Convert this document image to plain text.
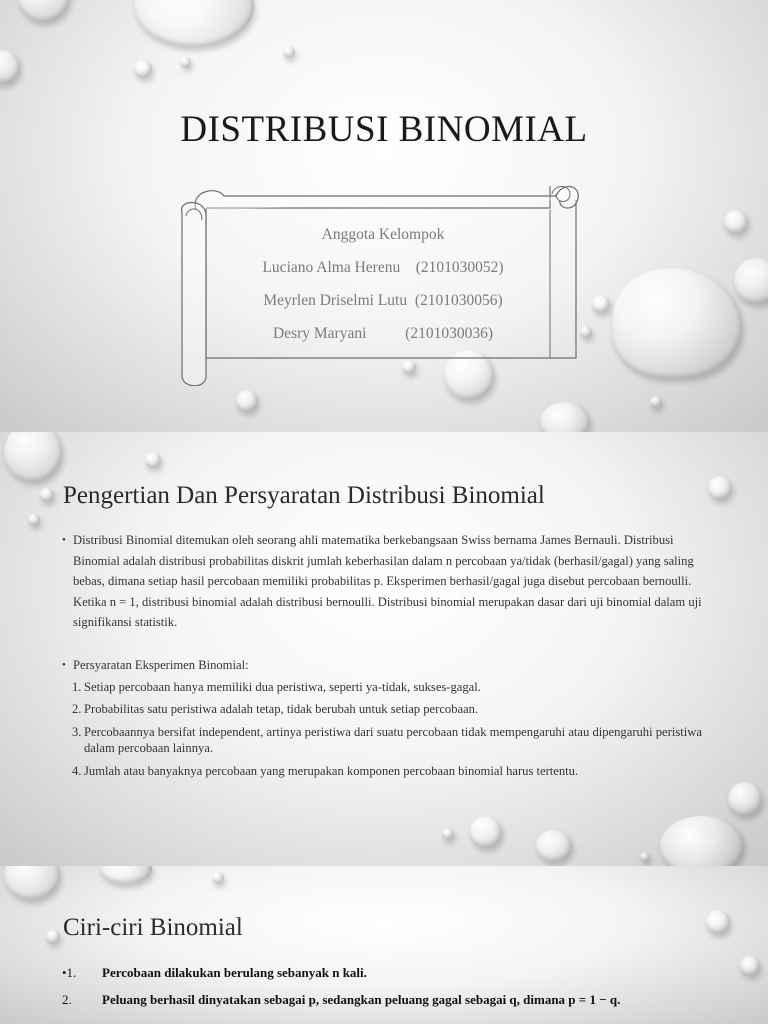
DISTRIBUSI BINOMIAL
Anggota Kelompok
Luciano Alma Herenu (2101030052)
Meyrlen Driselmi Lutu (2101030056)
Desry Maryani	(2101030036)
Pengertian Dan Persyaratan Distribusi Binomial
• Distribusi Binomial ditemukan oleh seorang ahli matematika berkebangsaan Swiss bernama James Bernauli. Distribusi Binomial adalah distribusi probabilitas diskrit jumlah keberhasilan dalam n percobaan ya/tidak (berhasil/gagal) yang saling bebas, dimana setiap hasil percobaan memiliki probabilitas p. Eksperimen berhasil/gagal juga disebut percobaan bernoulli. Ketika n = 1, distribusi binomial adalah distribusi bernoulli. Distribusi binomial merupakan dasar dari uji binomial dalam uji signifikansi statistik.
• Persyaratan Eksperimen Binomial:
1. Setiap percobaan hanya memiliki dua peristiwa, seperti ya-tidak, sukses-gagal.
2. Probabilitas satu peristiwa adalah tetap, tidak berubah untuk setiap percobaan.
3. Percobaannya bersifat independent, artinya peristiwa dari suatu percobaan tidak mempengaruhi atau dipengaruhi peristiwa dalam percobaan lainnya.
4. Jumlah atau banyaknya percobaan yang merupakan komponen percobaan binomial harus tertentu.
Ciri-ciri Binomial
•1. Percobaan dilakukan berulang sebanyak n kali.
2. Peluang berhasil dinyatakan sebagai p, sedangkan peluang gagal sebagai q, dimana p = 1 − q.
